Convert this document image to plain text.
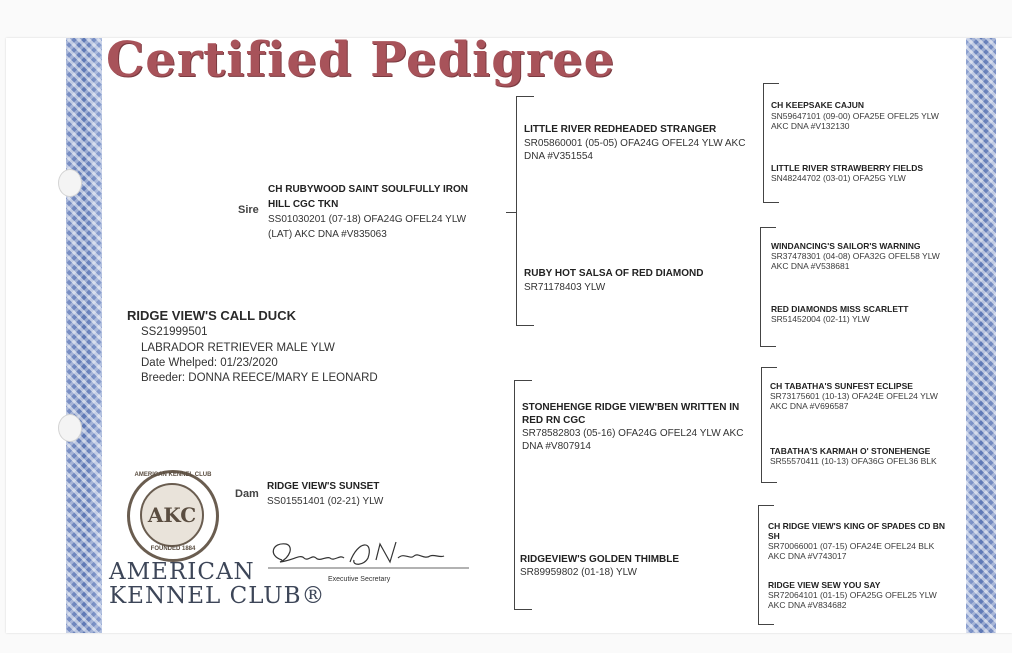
Certified Pedigree
Sire
CH RUBYWOOD SAINT SOULFULLY IRON
HILL CGC TKN
SS01030201 (07-18) OFA24G OFEL24 YLW
(LAT) AKC DNA #V835063
RIDGE VIEW'S CALL DUCK
SS21999501
LABRADOR RETRIEVER MALE YLW
Date Whelped: 01/23/2020
Breeder: DONNA REECE/MARY E LEONARD
Dam
RIDGE VIEW'S SUNSET
SS01551401 (02-21) YLW
LITTLE RIVER REDHEADED STRANGER
SR05860001 (05-05) OFA24G OFEL24 YLW AKC
DNA #V351554
RUBY HOT SALSA OF RED DIAMOND
SR71178403 YLW
STONEHENGE RIDGE VIEW'BEN WRITTEN IN
RED RN CGC
SR78582803 (05-16) OFA24G OFEL24 YLW AKC
DNA #V807914
RIDGEVIEW'S GOLDEN THIMBLE
SR89959802 (01-18) YLW
CH KEEPSAKE CAJUN
SN59647101 (09-00) OFA25E OFEL25 YLW
AKC DNA #V132130
LITTLE RIVER STRAWBERRY FIELDS
SN48244702 (03-01) OFA25G YLW
WINDANCING'S SAILOR'S WARNING
SR37478301 (04-08) OFA32G OFEL58 YLW
AKC DNA #V538681
RED DIAMONDS MISS SCARLETT
SR51452004 (02-11) YLW
CH TABATHA'S SUNFEST ECLIPSE
SR73175601 (10-13) OFA24E OFEL24 YLW
AKC DNA #V696587
TABATHA'S KARMAH O' STONEHENGE
SR55570411 (10-13) OFA36G OFEL36 BLK
CH RIDGE VIEW'S KING OF SPADES CD BN
SH
SR70066001 (07-15) OFA24E OFEL24 BLK
AKC DNA #V743017
RIDGE VIEW SEW YOU SAY
SR72064101 (01-15) OFA25G OFEL25 YLW
AKC DNA #V834682
AMERICAN KENNEL CLUB
AKC
FOUNDED 1884
AMERICAN
KENNEL CLUB®
Executive Secretary
